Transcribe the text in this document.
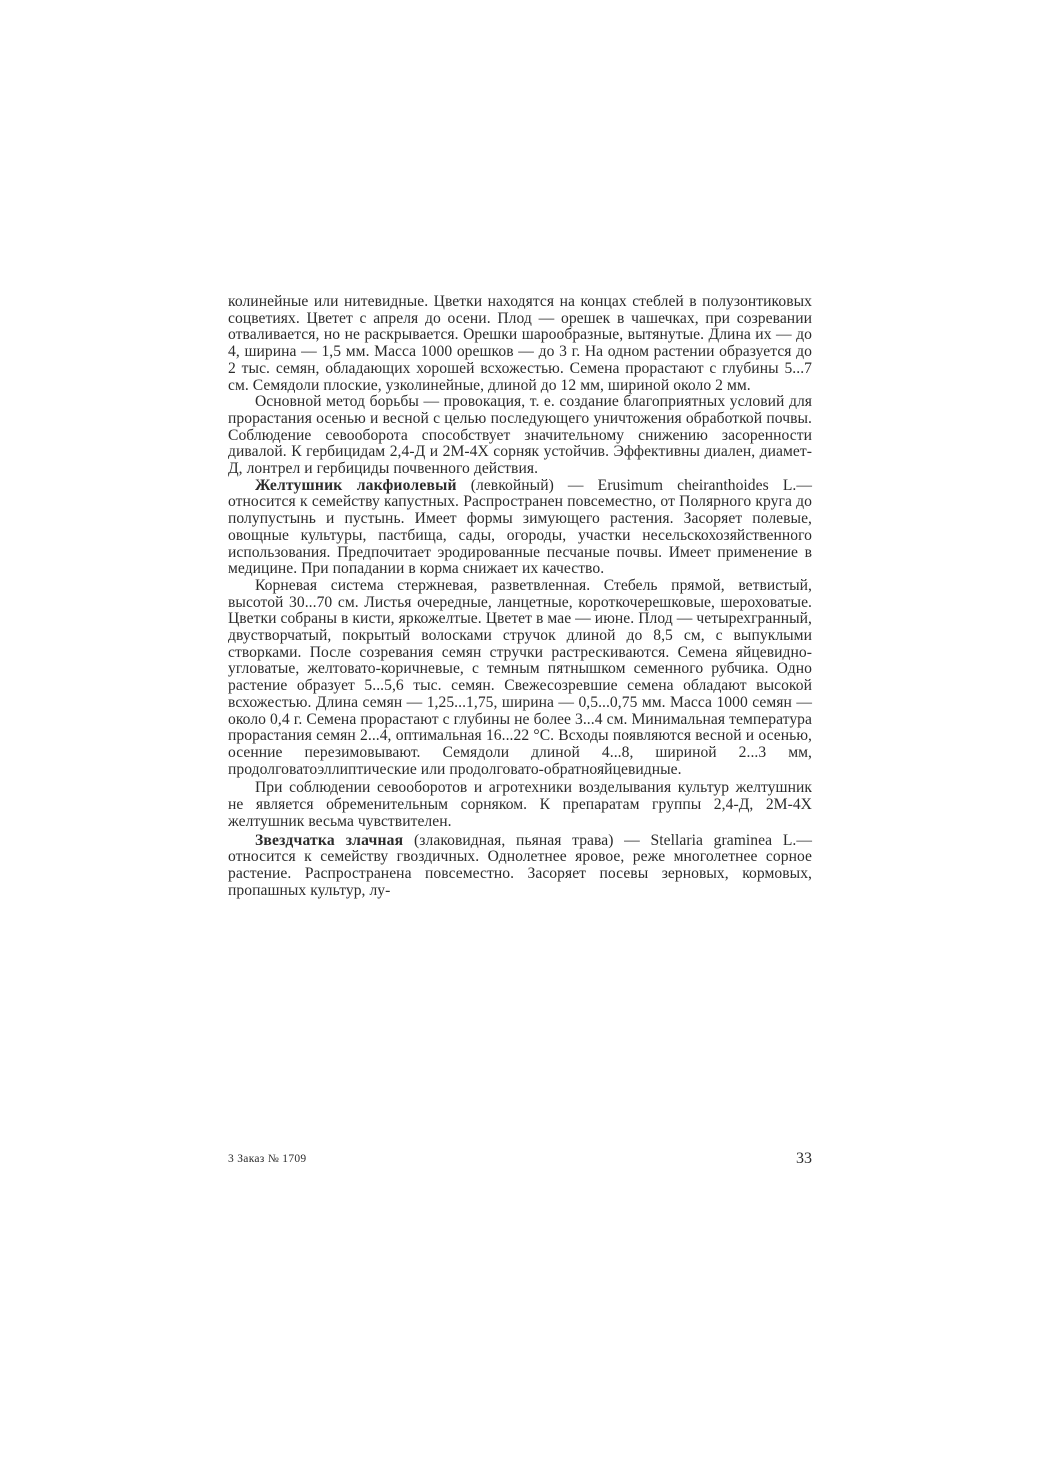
колинейные или нитевидные. Цветки находятся на концах стеблей в полузонтиковых соцветиях. Цветет с апреля до осени. Плод — орешек в чашечках, при созревании отваливается, но не раскрывается. Орешки шарообразные, вытянутые. Длина их — до 4, ширина — 1,5 мм. Масса 1000 орешков — до 3 г. На одном растении образуется до 2 тыс. семян, обладающих хорошей всхожестью. Семена прорастают с глубины 5...7 см. Семядоли плоские, узколинейные, длиной до 12 мм, шириной около 2 мм.

Основной метод борьбы — провокация, т. е. создание благоприятных условий для прорастания осенью и весной с целью последующего уничтожения обработкой почвы. Соблюдение севооборота способствует значительному снижению засоренности дивалой. К гербицидам 2,4-Д и 2М-4Х сорняк устойчив. Эффективны диален, диамет-Д, лонтрел и гербициды почвенного действия.

Желтушник лакфиолевый (левкойный) — Erusimum cheiranthoides L.— относится к семейству капустных. Распространен повсеместно, от Полярного круга до полупустынь и пустынь. Имеет формы зимующего растения. Засоряет полевые, овощные культуры, пастбища, сады, огороды, участки несельскохозяйственного использования. Предпочитает эродированные песчаные почвы. Имеет применение в медицине. При попадании в корма снижает их качество.

Корневая система стержневая, разветвленная. Стебель прямой, ветвистый, высотой 30...70 см. Листья очередные, ланцетные, короткочерешковые, шероховатые. Цветки собраны в кисти, яркожелтые. Цветет в мае — июне. Плод — четырехгранный, двустворчатый, покрытый волосками стручок длиной до 8,5 см, с выпуклыми створками. После созревания семян стручки растрескиваются. Семена яйцевидно-угловатые, желтовато-коричневые, с темным пятнышком семенного рубчика. Одно растение образует 5...5,6 тыс. семян. Свежесозревшие семена обладают высокой всхожестью. Длина семян — 1,25...1,75, ширина — 0,5...0,75 мм. Масса 1000 семян — около 0,4 г. Семена прорастают с глубины не более 3...4 см. Минимальная температура прорастания семян 2...4, оптимальная 16...22 °С. Всходы появляются весной и осенью, осенние перезимовывают. Семядоли длиной 4...8, шириной 2...3 мм, продолговатоэллиптические или продолговато-обратнояйцевидные.

При соблюдении севооборотов и агротехники возделывания культур желтушник не является обременительным сорняком. К препаратам группы 2,4-Д, 2М-4Х желтушник весьма чувствителен.

Звездчатка злачная (злаковидная, пьяная трава) — Stellaria graminea L.— относится к семейству гвоздичных. Однолетнее яровое, реже многолетнее сорное растение. Распространена повсеместно. Засоряет посевы зерновых, кормовых, пропашных культур, лу-

3 Заказ № 1709	33
